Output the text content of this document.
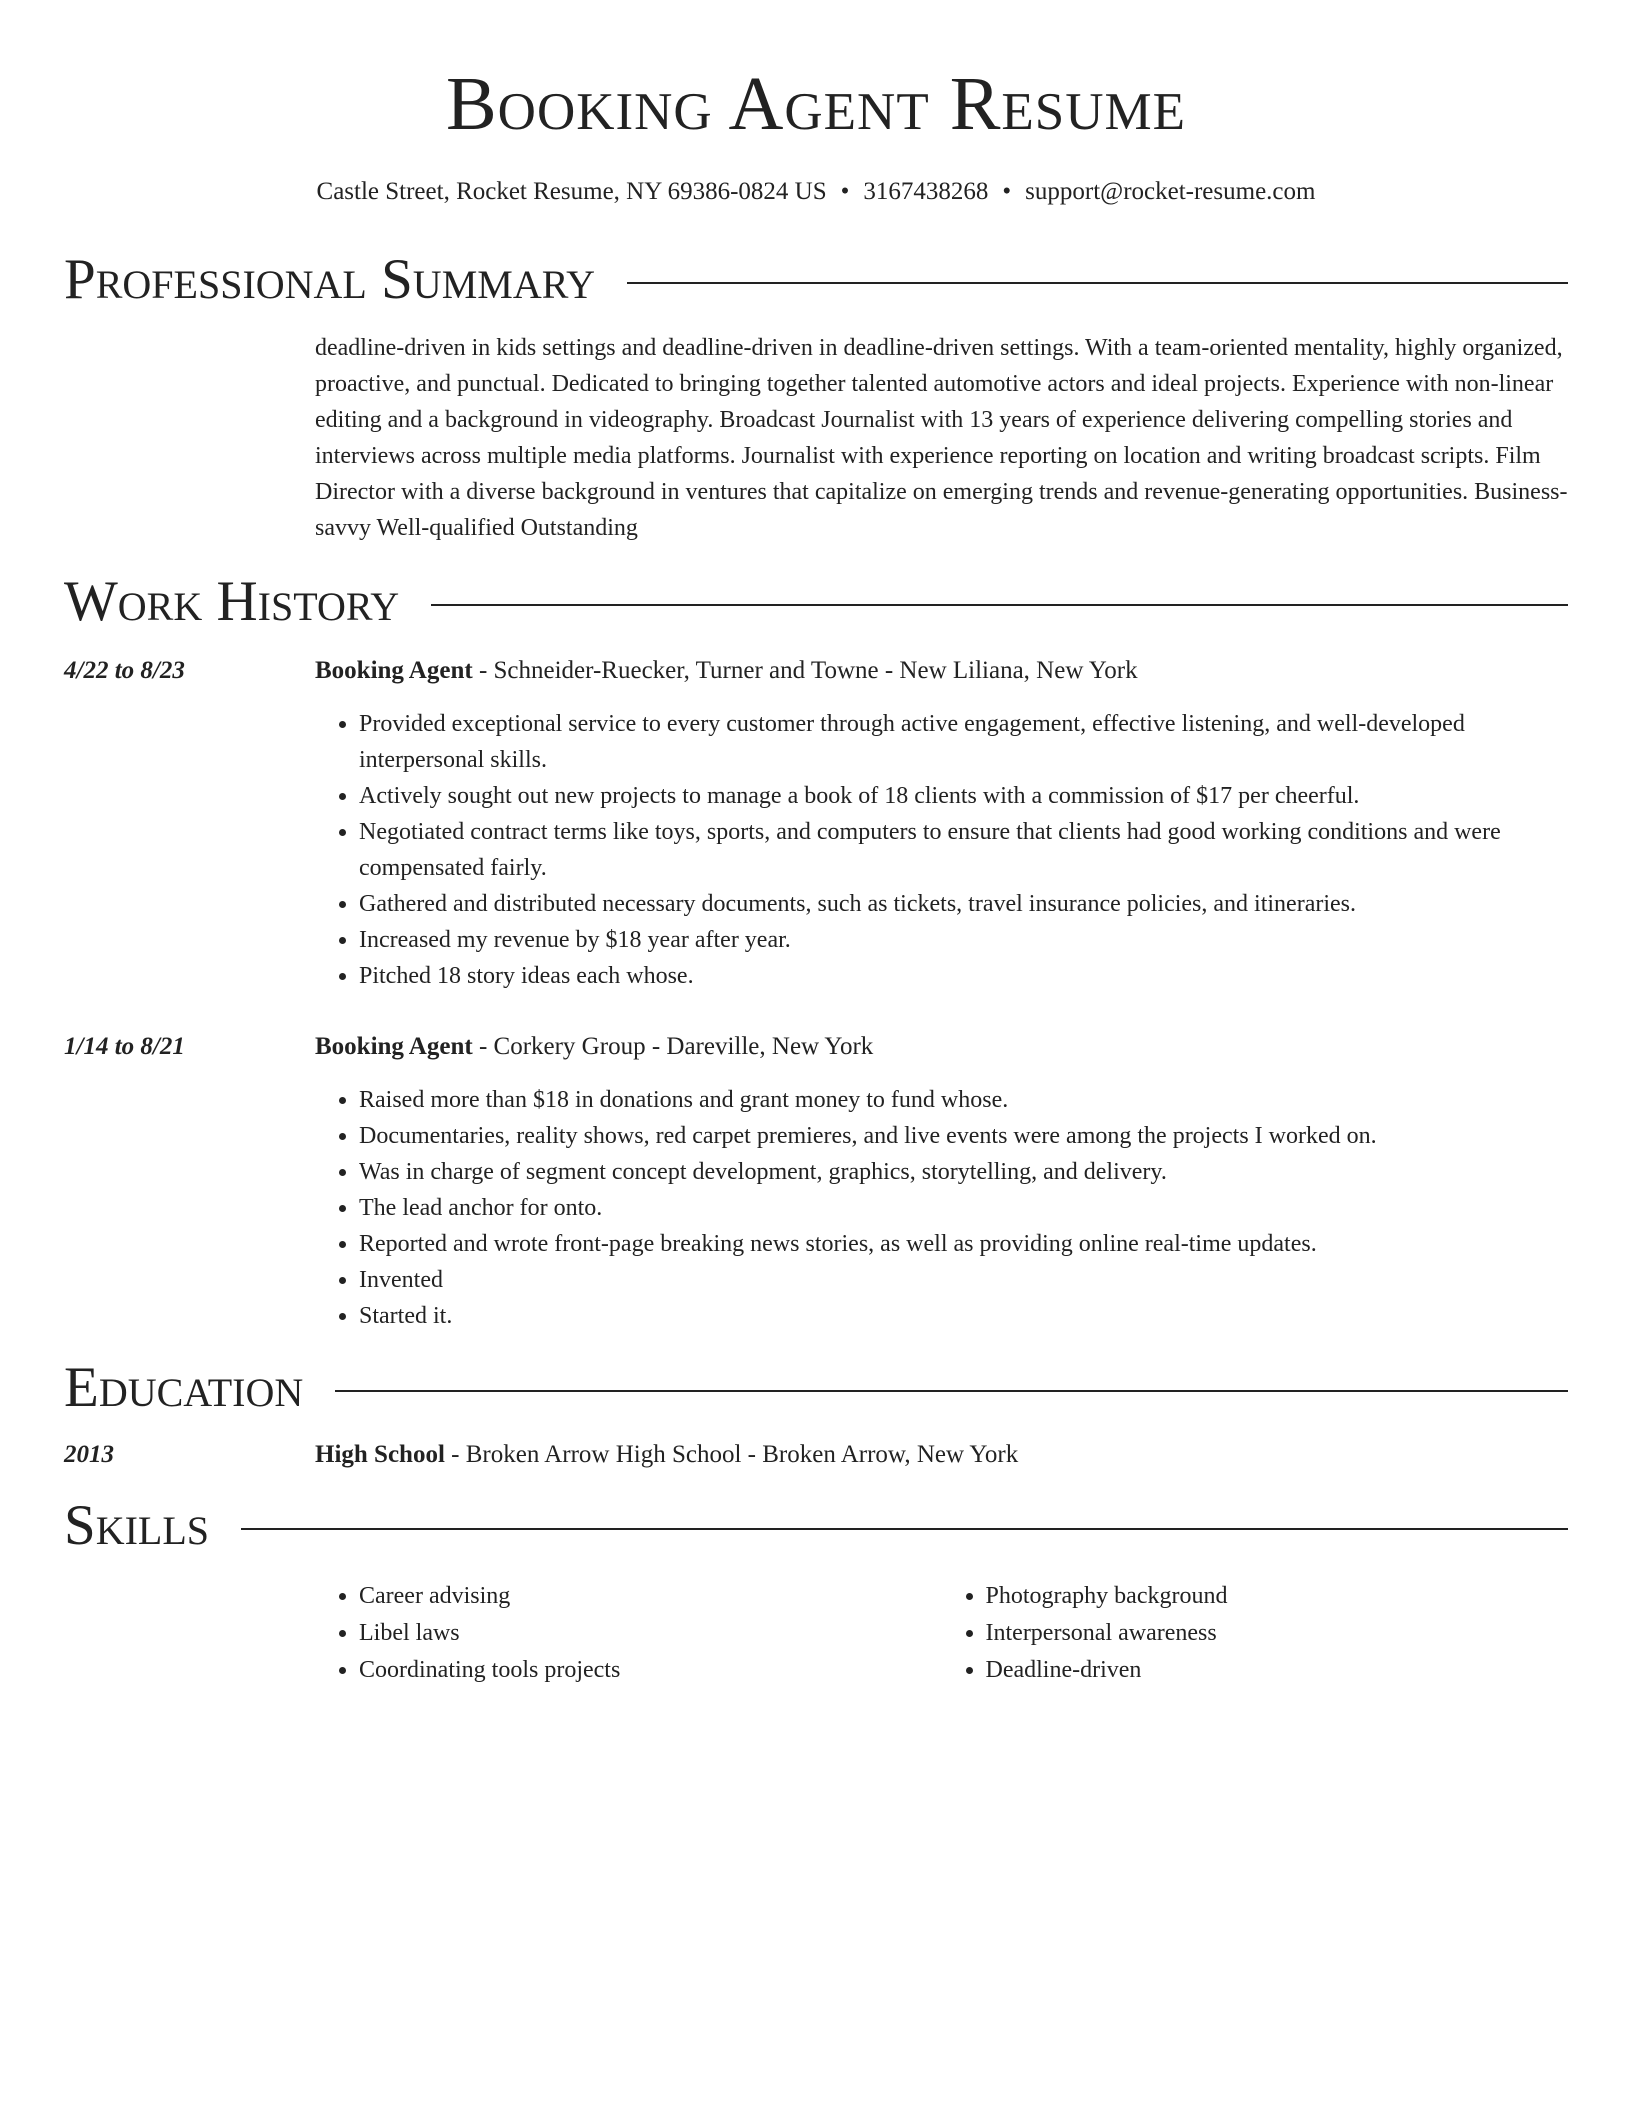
Booking Agent Resume
Castle Street, Rocket Resume, NY 69386-0824 US • 3167438268 • support@rocket-resume.com
Professional Summary
deadline-driven in kids settings and deadline-driven in deadline-driven settings. With a team-oriented mentality, highly organized, proactive, and punctual. Dedicated to bringing together talented automotive actors and ideal projects. Experience with non-linear editing and a background in videography. Broadcast Journalist with 13 years of experience delivering compelling stories and interviews across multiple media platforms. Journalist with experience reporting on location and writing broadcast scripts. Film Director with a diverse background in ventures that capitalize on emerging trends and revenue-generating opportunities. Business-savvy Well-qualified Outstanding
Work History
4/22 to 8/23	Booking Agent - Schneider-Ruecker, Turner and Towne - New Liliana, New York
• Provided exceptional service to every customer through active engagement, effective listening, and well-developed interpersonal skills.
• Actively sought out new projects to manage a book of 18 clients with a commission of $17 per cheerful.
• Negotiated contract terms like toys, sports, and computers to ensure that clients had good working conditions and were compensated fairly.
• Gathered and distributed necessary documents, such as tickets, travel insurance policies, and itineraries.
• Increased my revenue by $18 year after year.
• Pitched 18 story ideas each whose.
1/14 to 8/21	Booking Agent - Corkery Group - Dareville, New York
• Raised more than $18 in donations and grant money to fund whose.
• Documentaries, reality shows, red carpet premieres, and live events were among the projects I worked on.
• Was in charge of segment concept development, graphics, storytelling, and delivery.
• The lead anchor for onto.
• Reported and wrote front-page breaking news stories, as well as providing online real-time updates.
• Invented
• Started it.
Education
2013	High School - Broken Arrow High School - Broken Arrow, New York
Skills
• Career advising
• Libel laws
• Coordinating tools projects
• Photography background
• Interpersonal awareness
• Deadline-driven
